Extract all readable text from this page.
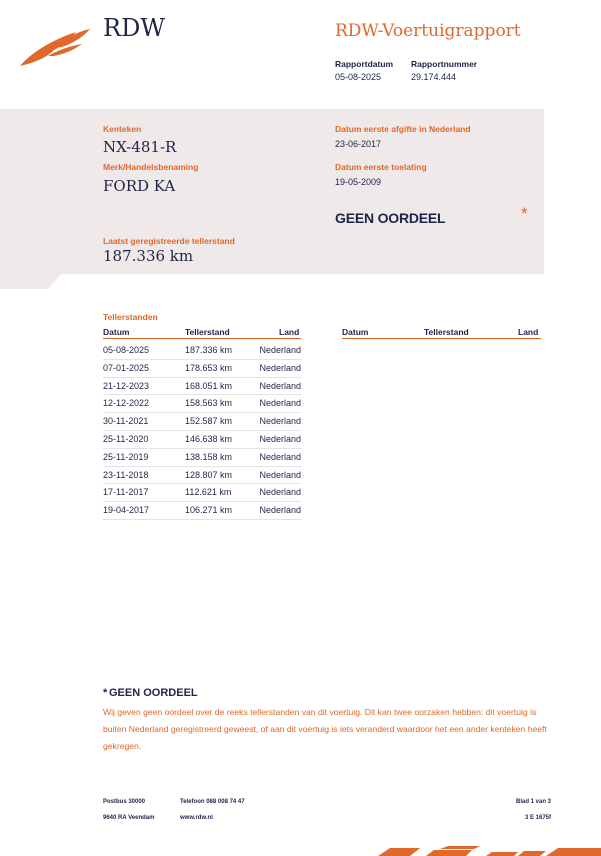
RDW	RDW-Voertuigrapport
Rapportdatum Rapportnummer
05-08-2025	29.174.444
Kenteken
NX-481-R
Merk/Handelsbenaming
FORD KA
Laatst geregistreerde tellerstand
187.336 km
Datum eerste afgifte in Nederland
23-06-2017
Datum eerste toelating
19-05-2009
GEEN OORDEEL	*
Tellerstanden
Datum	Tellerstand	Land	Datum	Tellerstand	Land
05-08-2025	187.336 km	Nederland
07-01-2025	178.653 km	Nederland
21-12-2023	168.051 km	Nederland
12-12-2022	158.563 km	Nederland
30-11-2021	152.587 km	Nederland
25-11-2020	146.638 km	Nederland
25-11-2019	138.158 km	Nederland
23-11-2018	128.807 km	Nederland
17-11-2017	112.621 km	Nederland
19-04-2017	106.271 km	Nederland
* GEEN OORDEEL
Wij geven geen oordeel over de reeks tellerstanden van dit voertuig. Dit kan twee oorzaken hebben: dit voertuig is buiten Nederland geregistreerd geweest, of aan dit voertuig is iets veranderd waardoor het een ander kenteken heeft gekregen.
Postbus 30000
9640 RA Veendam
Telefoon 088 008 74 47
www.rdw.nl
Blad 1 van 3
3 E 1675f
